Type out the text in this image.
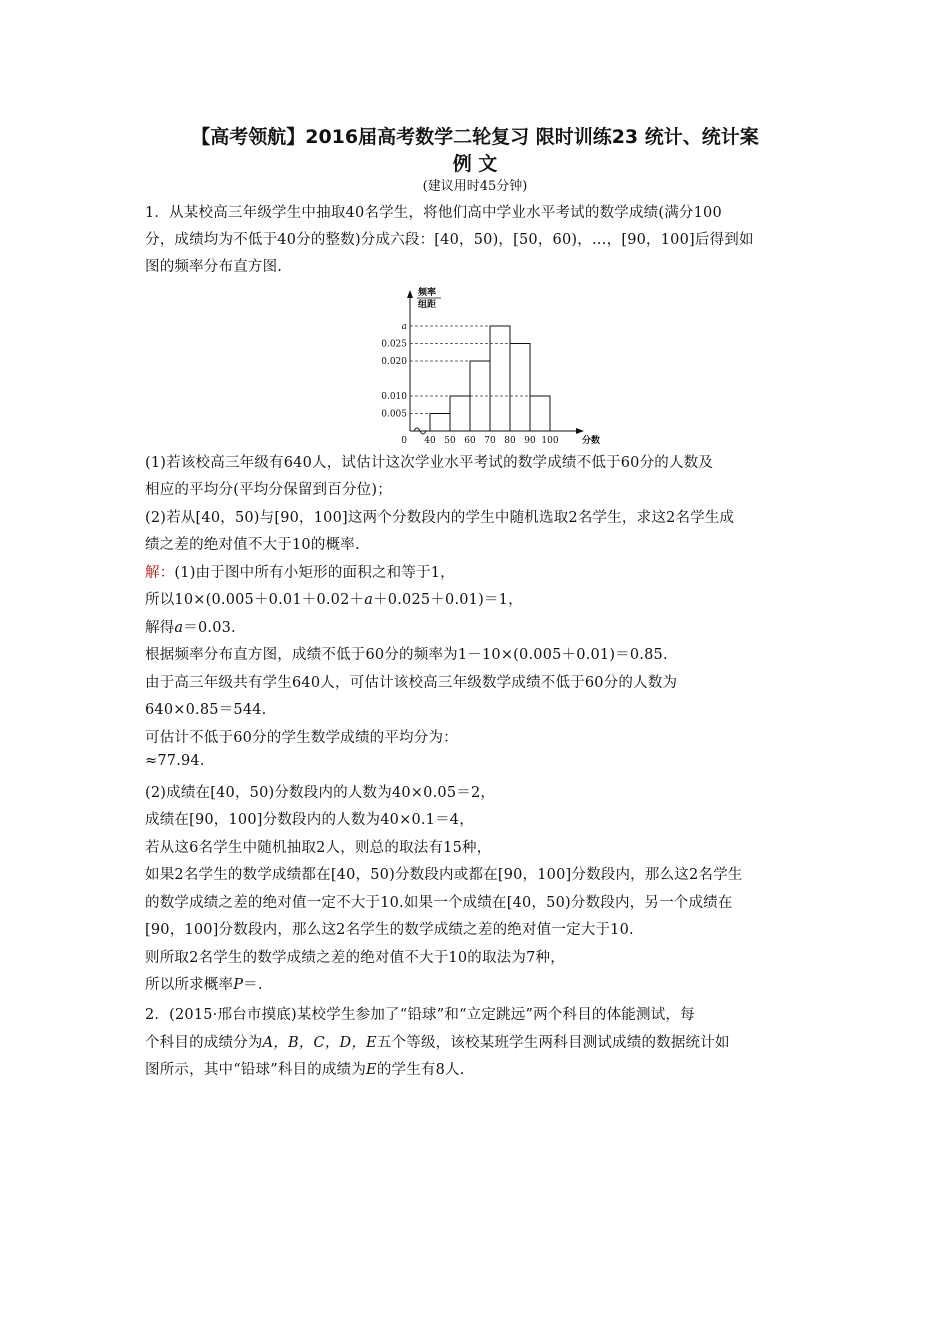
【高考领航】2016届高考数学二轮复习 限时训练23 统计、统计案
例 文
(建议用时45分钟)
1．从某校高三年级学生中抽取40名学生，将他们高中学业水平考试的数学成绩(满分100
分，成绩均为不低于40分的整数)分成六段：[40，50)，[50，60)，…，[90，100]后得到如
图的频率分布直方图.
0.005
0.010
0.020
0.025
a
40 50 60 70 80 90 100
0	分数
频率
组距
(1)若该校高三年级有640人，试估计这次学业水平考试的数学成绩不低于60分的人数及
相应的平均分(平均分保留到百分位)；
(2)若从[40，50)与[90，100]这两个分数段内的学生中随机选取2名学生，求这2名学生成
绩之差的绝对值不大于10的概率.
解：(1)由于图中所有小矩形的面积之和等于1，
所以10×(0.005＋0.01＋0.02＋a＋0.025＋0.01)＝1，
解得a＝0.03.
根据频率分布直方图，成绩不低于60分的频率为1－10×(0.005＋0.01)＝0.85.
由于高三年级共有学生640人，可估计该校高三年级数学成绩不低于60分的人数为
640×0.85＝544.
可估计不低于60分的学生数学成绩的平均分为：
≈77.94.
(2)成绩在[40，50)分数段内的人数为40×0.05＝2，
成绩在[90，100]分数段内的人数为40×0.1＝4，
若从这6名学生中随机抽取2人，则总的取法有15种，
如果2名学生的数学成绩都在[40，50)分数段内或都在[90，100]分数段内，那么这2名学生
的数学成绩之差的绝对值一定不大于10.如果一个成绩在[40，50)分数段内，另一个成绩在
[90，100]分数段内，那么这2名学生的数学成绩之差的绝对值一定大于10.
则所取2名学生的数学成绩之差的绝对值不大于10的取法为7种，
所以所求概率P＝.
2．(2015·邢台市摸底)某校学生参加了“铅球”和“立定跳远”两个科目的体能测试，每
个科目的成绩分为A，B，C，D，E五个等级，该校某班学生两科目测试成绩的数据统计如
图所示，其中“铅球”科目的成绩为E的学生有8人.
